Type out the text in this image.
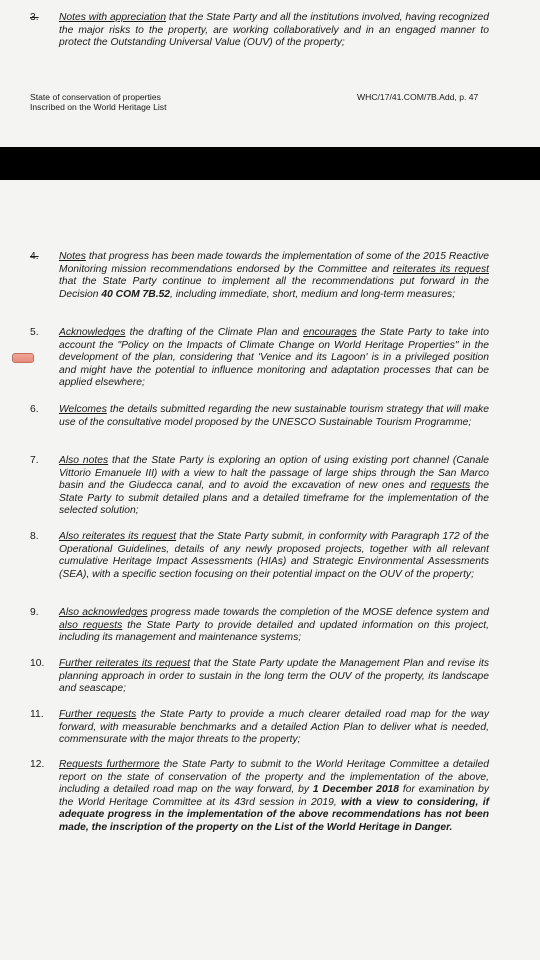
3. Notes with appreciation that the State Party and all the institutions involved, having recognized the major risks to the property, are working collaboratively and in an engaged manner to protect the Outstanding Universal Value (OUV) of the property;
State of conservation of properties
Inscribed on the World Heritage List
WHC/17/41.COM/7B.Add, p. 47
4. Notes that progress has been made towards the implementation of some of the 2015 Reactive Monitoring mission recommendations endorsed by the Committee and reiterates its request that the State Party continue to implement all the recommendations put forward in the Decision 40 COM 7B.52, including immediate, short, medium and long-term measures;
5. Acknowledges the drafting of the Climate Plan and encourages the State Party to take into account the "Policy on the Impacts of Climate Change on World Heritage Properties" in the development of the plan, considering that 'Venice and its Lagoon' is in a privileged position and might have the potential to influence monitoring and adaptation processes that can be applied elsewhere;
6. Welcomes the details submitted regarding the new sustainable tourism strategy that will make use of the consultative model proposed by the UNESCO Sustainable Tourism Programme;
7. Also notes that the State Party is exploring an option of using existing port channel (Canale Vittorio Emanuele III) with a view to halt the passage of large ships through the San Marco basin and the Giudecca canal, and to avoid the excavation of new ones and requests the State Party to submit detailed plans and a detailed timeframe for the implementation of the selected solution;
8. Also reiterates its request that the State Party submit, in conformity with Paragraph 172 of the Operational Guidelines, details of any newly proposed projects, together with all relevant cumulative Heritage Impact Assessments (HIAs) and Strategic Environmental Assessments (SEA), with a specific section focusing on their potential impact on the OUV of the property;
9. Also acknowledges progress made towards the completion of the MOSE defence system and also requests the State Party to provide detailed and updated information on this project, including its management and maintenance systems;
10. Further reiterates its request that the State Party update the Management Plan and revise its planning approach in order to sustain in the long term the OUV of the property, its landscape and seascape;
11. Further requests the State Party to provide a much clearer detailed road map for the way forward, with measurable benchmarks and a detailed Action Plan to deliver what is needed, commensurate with the major threats to the property;
12. Requests furthermore the State Party to submit to the World Heritage Committee a detailed report on the state of conservation of the property and the implementation of the above, including a detailed road map on the way forward, by 1 December 2018 for examination by the World Heritage Committee at its 43rd session in 2019, with a view to considering, if adequate progress in the implementation of the above recommendations has not been made, the inscription of the property on the List of the World Heritage in Danger.
